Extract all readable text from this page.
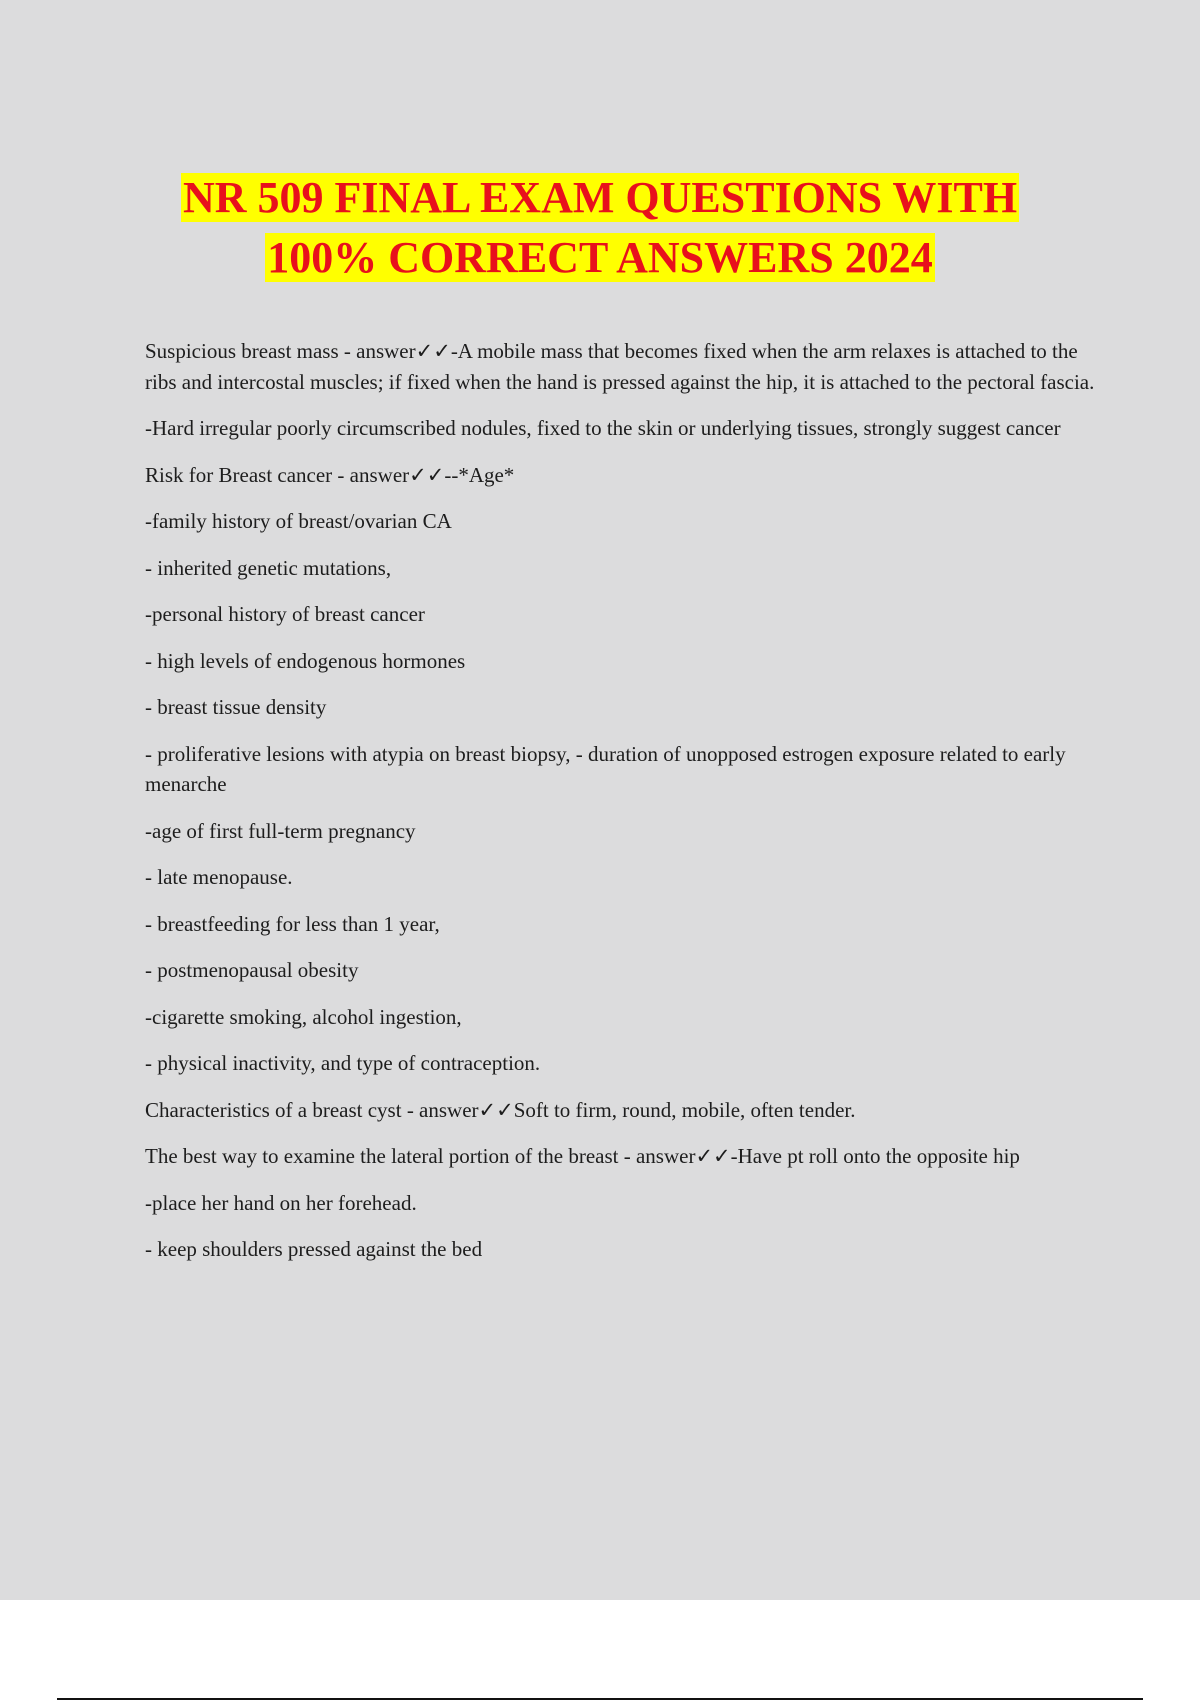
NR 509 FINAL EXAM QUESTIONS WITH
100% CORRECT ANSWERS 2024

Suspicious breast mass - answer✓✓-A mobile mass that becomes fixed when the arm relaxes is attached to the ribs and intercostal muscles; if fixed when the hand is pressed against the hip, it is attached to the pectoral fascia.

-Hard irregular poorly circumscribed nodules, fixed to the skin or underlying tissues, strongly suggest cancer

Risk for Breast cancer - answer✓✓--*Age*

-family history of breast/ovarian CA

- inherited genetic mutations,

-personal history of breast cancer

- high levels of endogenous hormones

- breast tissue density

- proliferative lesions with atypia on breast biopsy, - duration of unopposed estrogen exposure related to early menarche

-age of first full-term pregnancy

- late menopause.

- breastfeeding for less than 1 year,

- postmenopausal obesity

-cigarette smoking, alcohol ingestion,

- physical inactivity, and type of contraception.

Characteristics of a breast cyst - answer✓✓Soft to firm, round, mobile, often tender.

The best way to examine the lateral portion of the breast - answer✓✓-Have pt roll onto the opposite hip

-place her hand on her forehead.

- keep shoulders pressed against the bed
